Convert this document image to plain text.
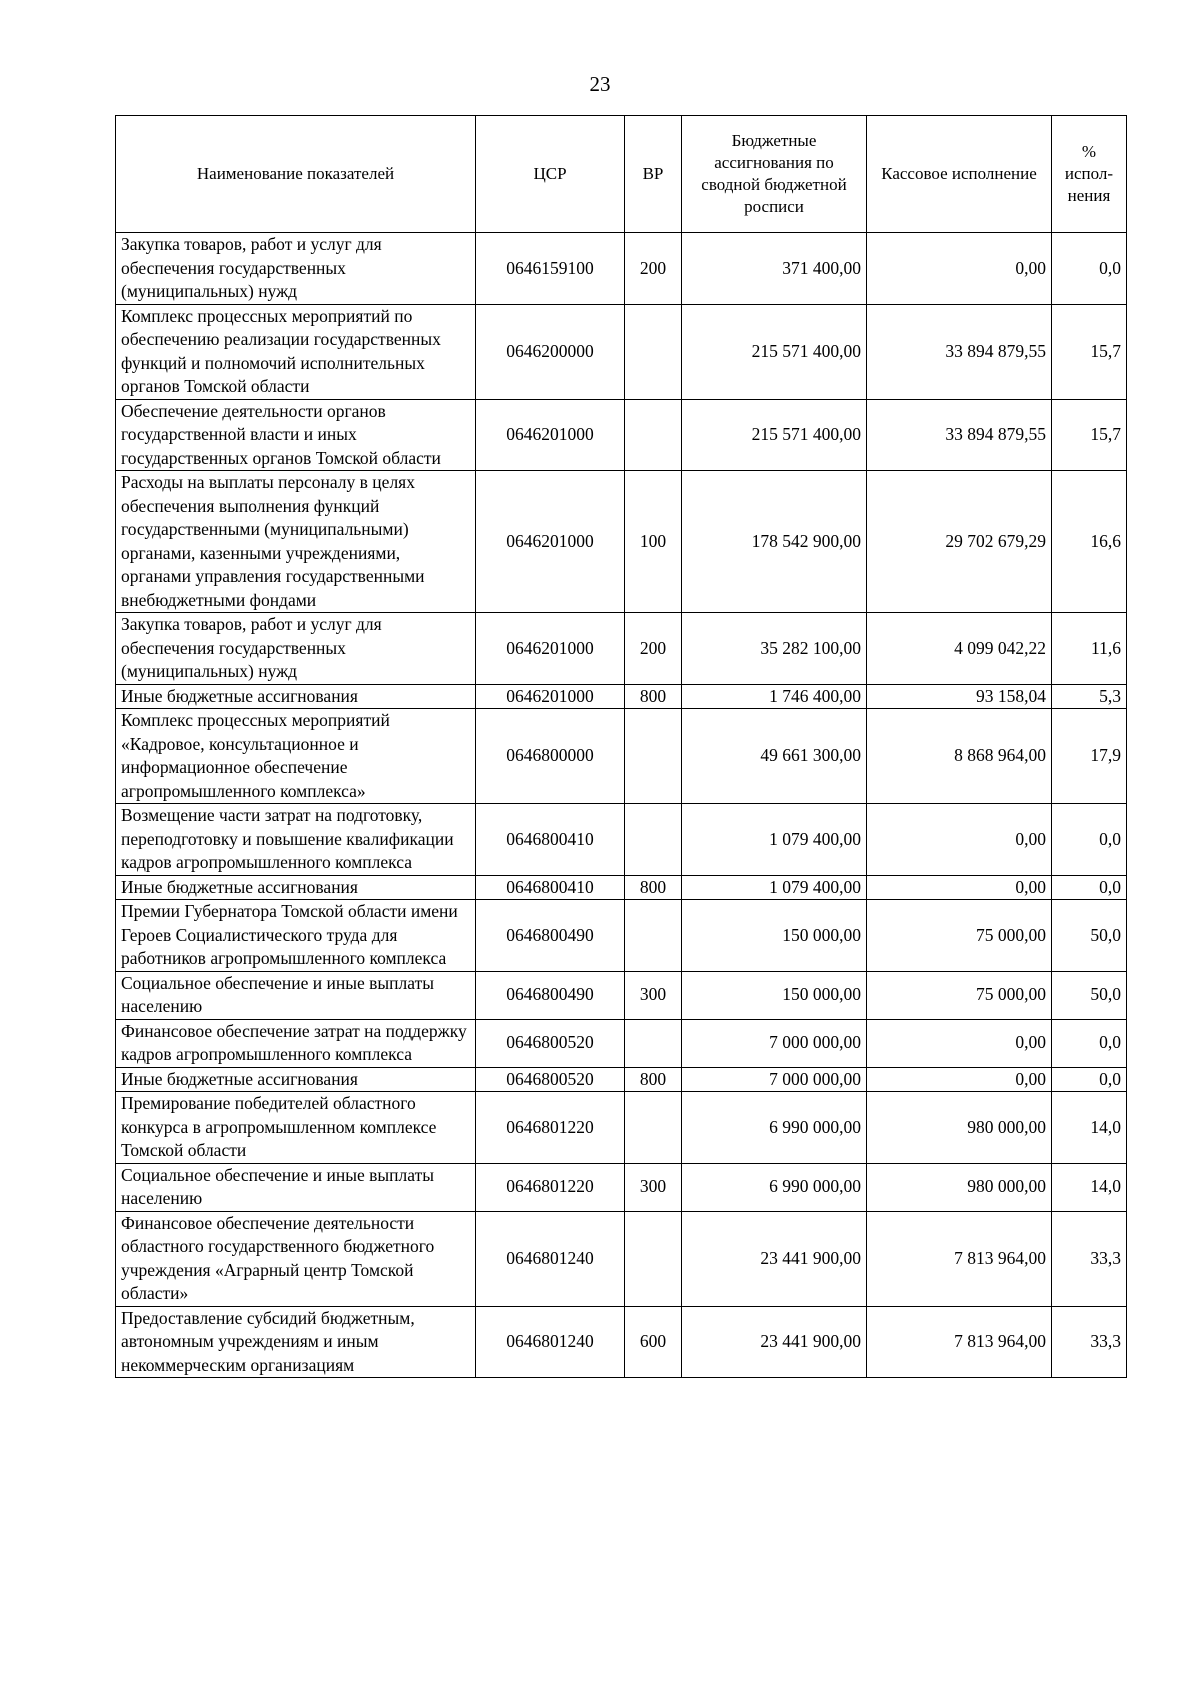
23
Наименование показателей	ЦСР	ВР	Бюджетные ассигнования по сводной бюджетной росписи	Кассовое исполнение	% испол-нения
Закупка товаров, работ и услуг для обеспечения государственных (муниципальных) нужд	0646159100	200	371 400,00	0,00	0,0
Комплекс процессных мероприятий по обеспечению реализации государственных функций и полномочий исполнительных органов Томской области	0646200000		215 571 400,00	33 894 879,55	15,7
Обеспечение деятельности органов государственной власти и иных государственных органов Томской области	0646201000		215 571 400,00	33 894 879,55	15,7
Расходы на выплаты персоналу в целях обеспечения выполнения функций государственными (муниципальными) органами, казенными учреждениями, органами управления государственными внебюджетными фондами	0646201000	100	178 542 900,00	29 702 679,29	16,6
Закупка товаров, работ и услуг для обеспечения государственных (муниципальных) нужд	0646201000	200	35 282 100,00	4 099 042,22	11,6
Иные бюджетные ассигнования	0646201000	800	1 746 400,00	93 158,04	5,3
Комплекс процессных мероприятий «Кадровое, консультационное и информационное обеспечение агропромышленного комплекса»	0646800000		49 661 300,00	8 868 964,00	17,9
Возмещение части затрат на подготовку, переподготовку и повышение квалификации кадров агропромышленного комплекса	0646800410		1 079 400,00	0,00	0,0
Иные бюджетные ассигнования	0646800410	800	1 079 400,00	0,00	0,0
Премии Губернатора Томской области имени Героев Социалистического труда для работников агропромышленного комплекса	0646800490		150 000,00	75 000,00	50,0
Социальное обеспечение и иные выплаты населению	0646800490	300	150 000,00	75 000,00	50,0
Финансовое обеспечение затрат на поддержку кадров агропромышленного комплекса	0646800520		7 000 000,00	0,00	0,0
Иные бюджетные ассигнования	0646800520	800	7 000 000,00	0,00	0,0
Премирование победителей областного конкурса в агропромышленном комплексе Томской области	0646801220		6 990 000,00	980 000,00	14,0
Социальное обеспечение и иные выплаты населению	0646801220	300	6 990 000,00	980 000,00	14,0
Финансовое обеспечение деятельности областного государственного бюджетного учреждения «Аграрный центр Томской области»	0646801240		23 441 900,00	7 813 964,00	33,3
Предоставление субсидий бюджетным, автономным учреждениям и иным некоммерческим организациям	0646801240	600	23 441 900,00	7 813 964,00	33,3
